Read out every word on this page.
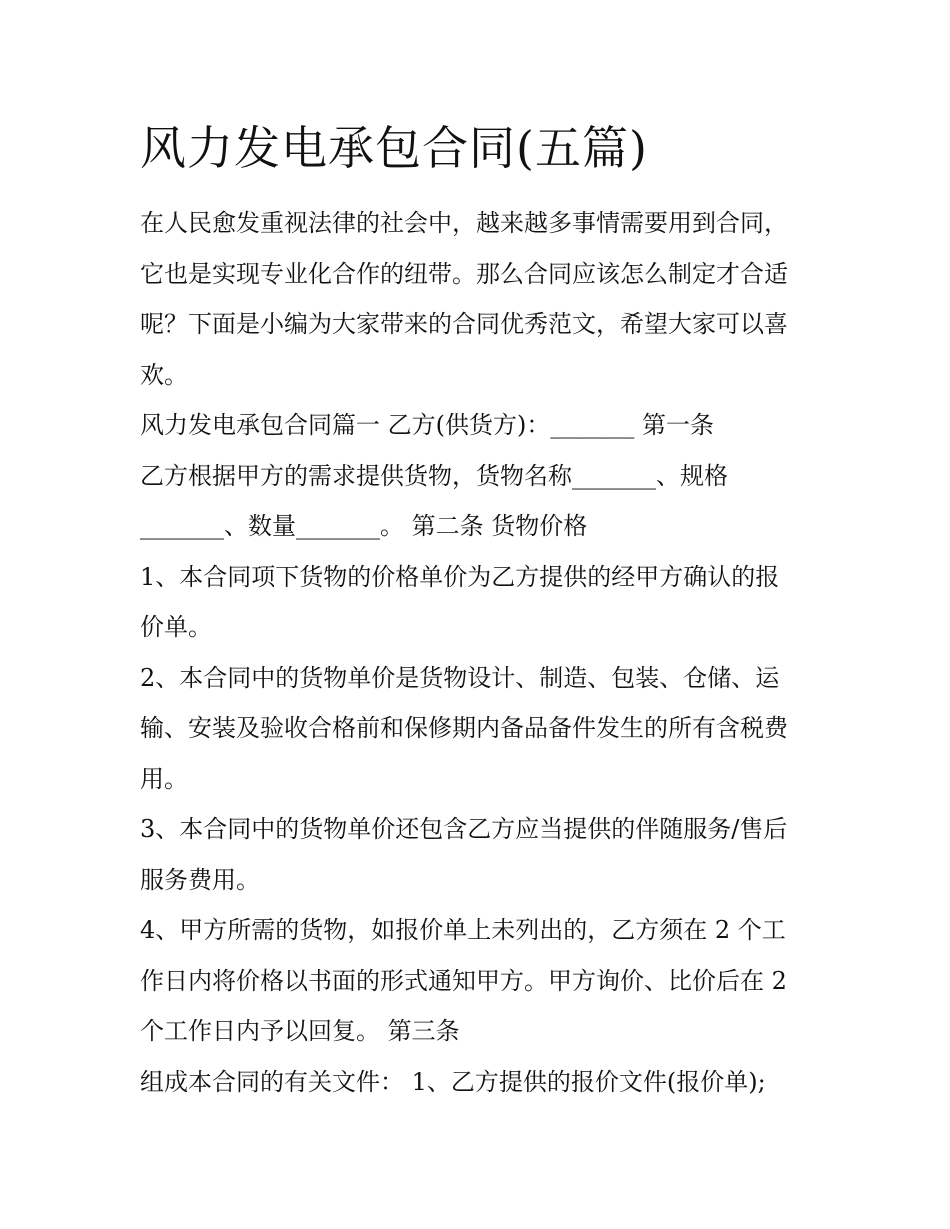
风力发电承包合同(五篇)

在人民愈发重视法律的社会中，越来越多事情需要用到合同，

它也是实现专业化合作的纽带。那么合同应该怎么制定才合适

呢？下面是小编为大家带来的合同优秀范文，希望大家可以喜

欢。

风力发电承包合同篇一 乙方(供货方)：_______ 第一条

乙方根据甲方的需求提供货物，货物名称_______、规格

_______、数量_______。 第二条 货物价格

1、本合同项下货物的价格单价为乙方提供的经甲方确认的报

价单。

2、本合同中的货物单价是货物设计、制造、包装、仓储、运

输、安装及验收合格前和保修期内备品备件发生的所有含税费

用。

3、本合同中的货物单价还包含乙方应当提供的伴随服务/售后

服务费用。

4、甲方所需的货物，如报价单上未列出的，乙方须在 2 个工

作日内将价格以书面的形式通知甲方。甲方询价、比价后在 2

个工作日内予以回复。 第三条

组成本合同的有关文件： 1、乙方提供的报价文件(报价单);
